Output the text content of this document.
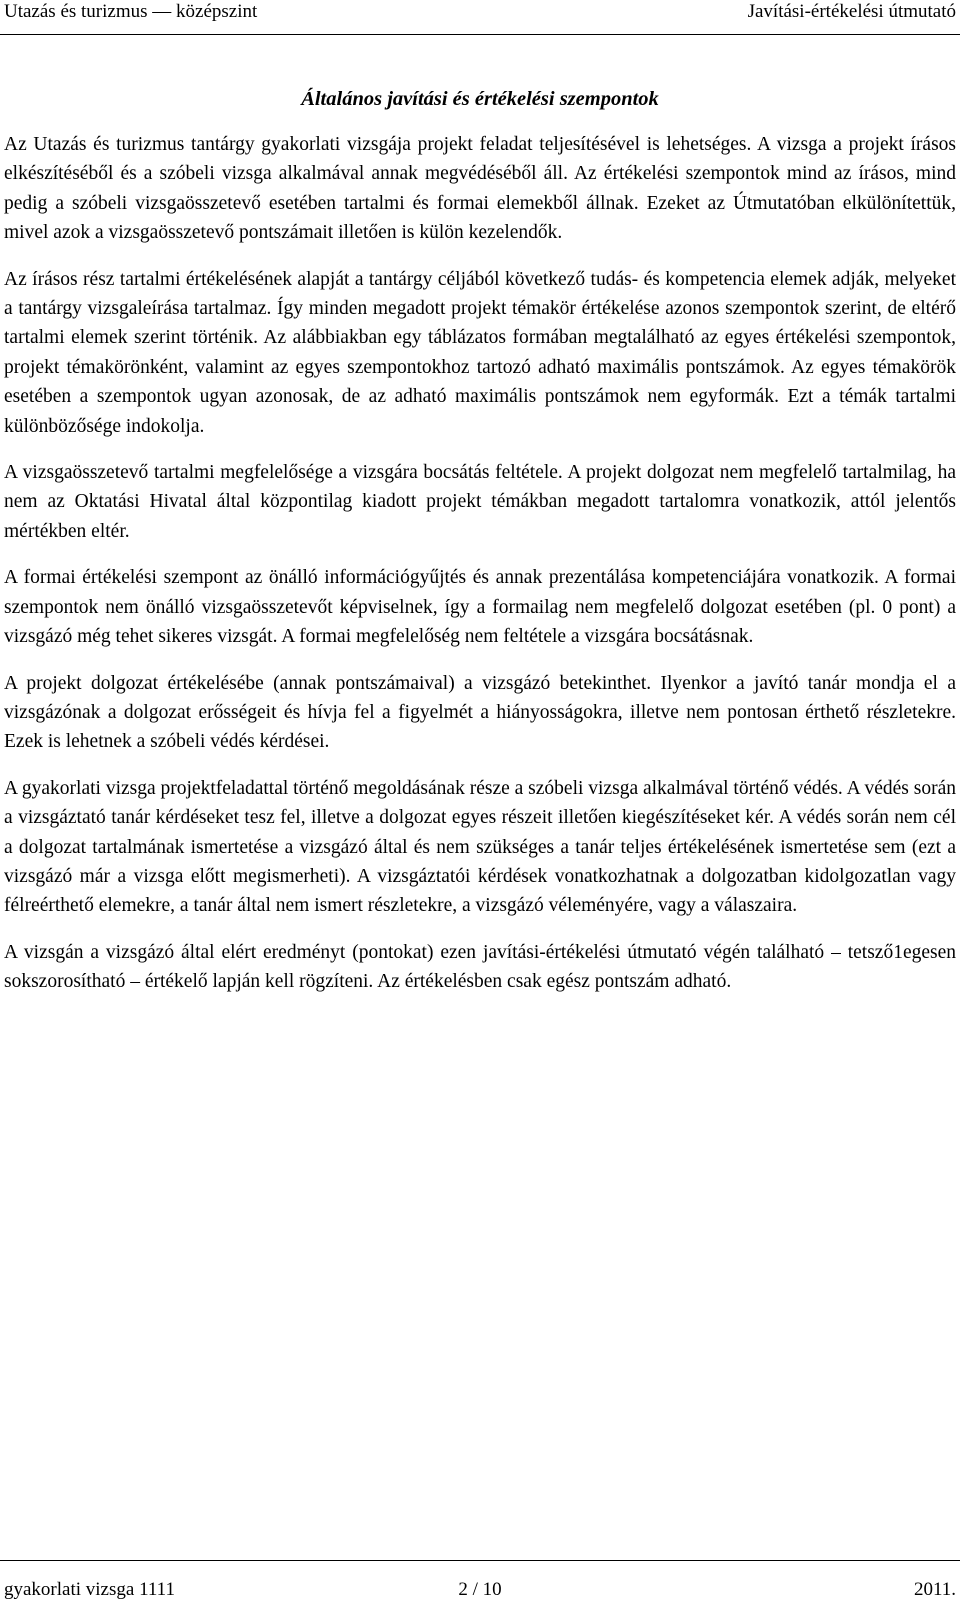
Utazás és turizmus — középszint	Javítási-értékelési útmutató
Általános javítási és értékelési szempontok

Az Utazás és turizmus tantárgy gyakorlati vizsgája projekt feladat teljesítésével is lehetséges. A vizsga a projekt írásos elkészítéséből és a szóbeli vizsga alkalmával annak megvédéséből áll. Az értékelési szempontok mind az írásos, mind pedig a szóbeli vizsgaösszetevő esetében tartalmi és formai elemekből állnak. Ezeket az Útmutatóban elkülönítettük, mivel azok a vizsgaösszetevő pontszámait illetően is külön kezelendők.

Az írásos rész tartalmi értékelésének alapját a tantárgy céljából következő tudás- és kompetencia elemek adják, melyeket a tantárgy vizsgaleírása tartalmaz. Így minden megadott projekt témakör értékelése azonos szempontok szerint, de eltérő tartalmi elemek szerint történik. Az alábbiakban egy táblázatos formában megtalálható az egyes értékelési szempontok, projekt témakörönként, valamint az egyes szempontokhoz tartozó adható maximális pontszámok. Az egyes témakörök esetében a szempontok ugyan azonosak, de az adható maximális pontszámok nem egyformák. Ezt a témák tartalmi különbözősége indokolja.

A vizsgaösszetevő tartalmi megfelelősége a vizsgára bocsátás feltétele. A projekt dolgozat nem megfelelő tartalmilag, ha nem az Oktatási Hivatal által központilag kiadott projekt témákban megadott tartalomra vonatkozik, attól jelentős mértékben eltér.

A formai értékelési szempont az önálló információgyűjtés és annak prezentálása kompetenciájára vonatkozik. A formai szempontok nem önálló vizsgaösszetevőt képviselnek, így a formailag nem megfelelő dolgozat esetében (pl. 0 pont) a vizsgázó még tehet sikeres vizsgát. A formai megfelelőség nem feltétele a vizsgára bocsátásnak.

A projekt dolgozat értékelésébe (annak pontszámaival) a vizsgázó betekinthet. Ilyenkor a javító tanár mondja el a vizsgázónak a dolgozat erősségeit és hívja fel a figyelmét a hiányosságokra, illetve nem pontosan érthető részletekre. Ezek is lehetnek a szóbeli védés kérdései.

A gyakorlati vizsga projektfeladattal történő megoldásának része a szóbeli vizsga alkalmával történő védés. A védés során a vizsgáztató tanár kérdéseket tesz fel, illetve a dolgozat egyes részeit illetően kiegészítéseket kér. A védés során nem cél a dolgozat tartalmának ismertetése a vizsgázó által és nem szükséges a tanár teljes értékelésének ismertetése sem (ezt a vizsgázó már a vizsga előtt megismerheti). A vizsgáztatói kérdések vonatkozhatnak a dolgozatban kidolgozatlan vagy félreérthető elemekre, a tanár által nem ismert részletekre, a vizsgázó véleményére, vagy a válaszaira.

A vizsgán a vizsgázó által elért eredményt (pontokat) ezen javítási-értékelési útmutató végén található – tetsző1egesen sokszorosítható – értékelő lapján kell rögzíteni. Az értékelésben csak egész pontszám adható.

gyakorlati vizsga 1111	2 / 10	2011.
